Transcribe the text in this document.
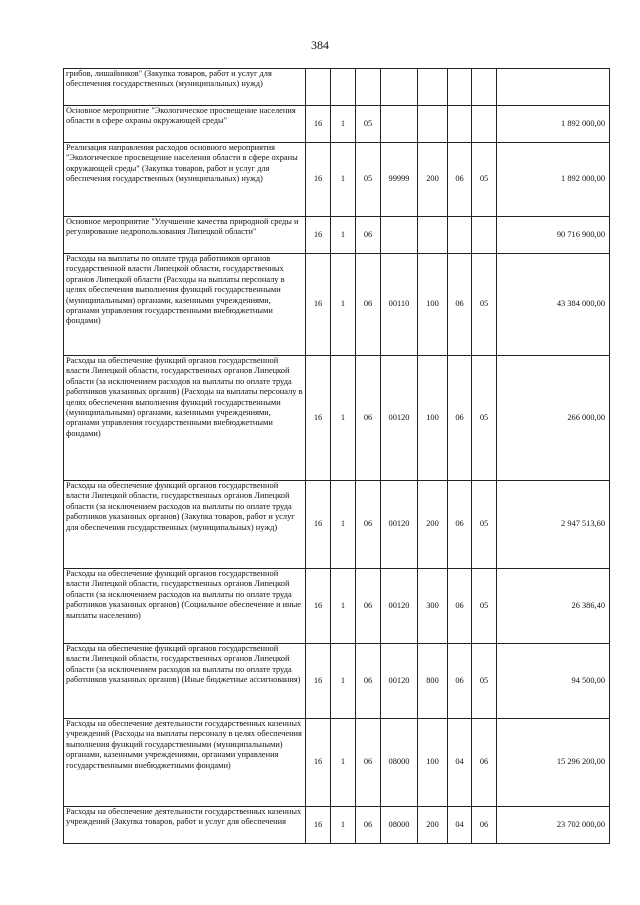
384
грибов, лишайников" (Закупка товаров, работ и услуг для обеспечения государственных (муниципальных) нужд)								
Основное мероприятие "Экологическое просвещение населения области в сфере охраны окружающей среды"	16	1	05					1 892 000,00
Реализация направления расходов основного мероприятия "Экологическое просвещение населения области в сфере охраны окружающей среды" (Закупка товаров, работ и услуг для обеспечения государственных (муниципальных) нужд)	16	1	05	99999	200	06	05	1 892 000,00
Основное мероприятие "Улучшение качества природной среды и регулирование недропользования Липецкой области"	16	1	06					90 716 900,00
Расходы на выплаты по оплате труда работников органов государственной власти Липецкой области, государственных органов Липецкой области (Расходы на выплаты персоналу в целях обеспечения выполнения функций государственными (муниципальными) органами, казенными учреждениями, органами управления государственными внебюджетными фондами)	16	1	06	00110	100	06	05	43 384 000,00
Расходы на обеспечение функций органов государственной власти Липецкой области, государственных органов Липецкой области (за исключением расходов на выплаты по оплате труда работников указанных органов) (Расходы на выплаты персоналу в целях обеспечения выполнения функций государственными (муниципальными) органами, казенными учреждениями, органами управления государственными внебюджетными фондами)	16	1	06	00120	100	06	05	266 000,00
Расходы на обеспечение функций органов государственной власти Липецкой области, государственных органов Липецкой области (за исключением расходов на выплаты по оплате труда работников указанных органов) (Закупка товаров, работ и услуг для обеспечения государственных (муниципальных) нужд)	16	1	06	00120	200	06	05	2 947 513,60
Расходы на обеспечение функций органов государственной власти Липецкой области, государственных органов Липецкой области (за исключением расходов на выплаты по оплате труда работников указанных органов) (Социальное обеспечение и иные выплаты населению)	16	1	06	00120	300	06	05	26 386,40
Расходы на обеспечение функций органов государственной власти Липецкой области, государственных органов Липецкой области (за исключением расходов на выплаты по оплате труда работников указанных органов) (Иные бюджетные ассигнования)	16	1	06	00120	800	06	05	94 500,00
Расходы на обеспечение деятельности государственных казенных учреждений (Расходы на выплаты персоналу в целях обеспечения выполнения функций государственными (муниципальными) органами, казенными учреждениями, органами управления государственными внебюджетными фондами)	16	1	06	08000	100	04	06	15 296 200,00
Расходы на обеспечение деятельности государственных казенных учреждений (Закупка товаров, работ и услуг для обеспечения	16	1	06	08000	200	04	06	23 702 000,00
